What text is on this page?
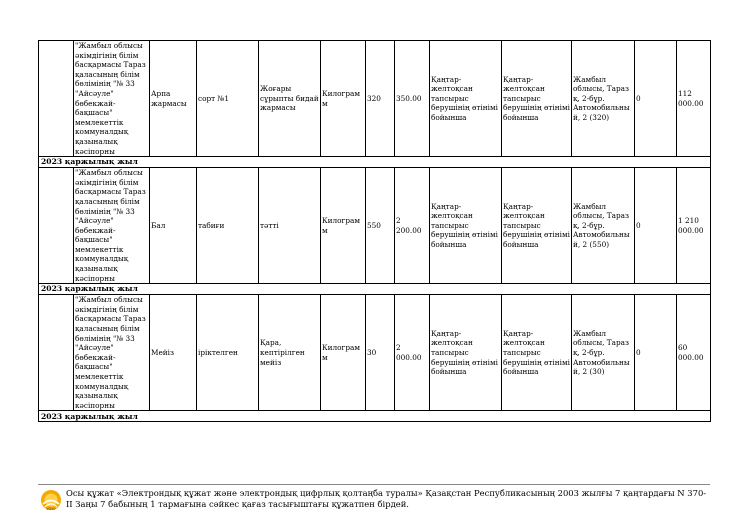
	"Жамбыл облысы әкімдігінің білім басқармасы Тараз қаласының білім бөлімінің "№ 33 "Айсәуле" бөбекжай-бақшасы" мемлекеттік коммуналдық қазыналық кәсіпорны	Арпа жармасы	сорт №1	Жоғары сұрыпты бидай жармасы	Килограмм	320	350.00	Қаңтар-желтоқсан тапсырыс берушінің өтінімі бойынша	Қаңтар-желтоқсан тапсырыс берушінің өтінімі бойынша	Жамбыл облысы, Тараз қ, 2-бұр. Автомобильный, 2 (320)	0	112 000.00
2023 қаржылық жыл												
	"Жамбыл облысы әкімдігінің білім басқармасы Тараз қаласының білім бөлімінің "№ 33 "Айсәуле" бөбекжай-бақшасы" мемлекеттік коммуналдық қазыналық кәсіпорны	Бал	табиғи	тәтті	Килограмм	550	2 200.00	Қаңтар-желтоқсан тапсырыс берушінің өтінімі бойынша	Қаңтар-желтоқсан тапсырыс берушінің өтінімі бойынша	Жамбыл облысы, Тараз қ, 2-бұр. Автомобильный, 2 (550)	0	1 210 000.00
2023 қаржылық жыл												
	"Жамбыл облысы әкімдігінің білім басқармасы Тараз қаласының білім бөлімінің "№ 33 "Айсәуле" бөбекжай-бақшасы" мемлекеттік коммуналдық қазыналық кәсіпорны	Мейіз	іріктелген	Қара, кептірілген мейіз	Килограмм	30	2 000.00	Қаңтар-желтоқсан тапсырыс берушінің өтінімі бойынша	Қаңтар-желтоқсан тапсырыс берушінің өтінімі бойынша	Жамбыл облысы, Тараз қ, 2-бұр. Автомобильный, 2 (30)	0	60 000.00
2023 қаржылық жыл												
eGov
Осы құжат «Электрондық құжат және электрондық цифрлық қолтаңба туралы» Қазақстан Республикасының 2003 жылғы 7 қаңтардағы N 370-II Заңы 7 бабының 1 тармағына сәйкес қағаз тасығыштағы құжатпен бірдей.
